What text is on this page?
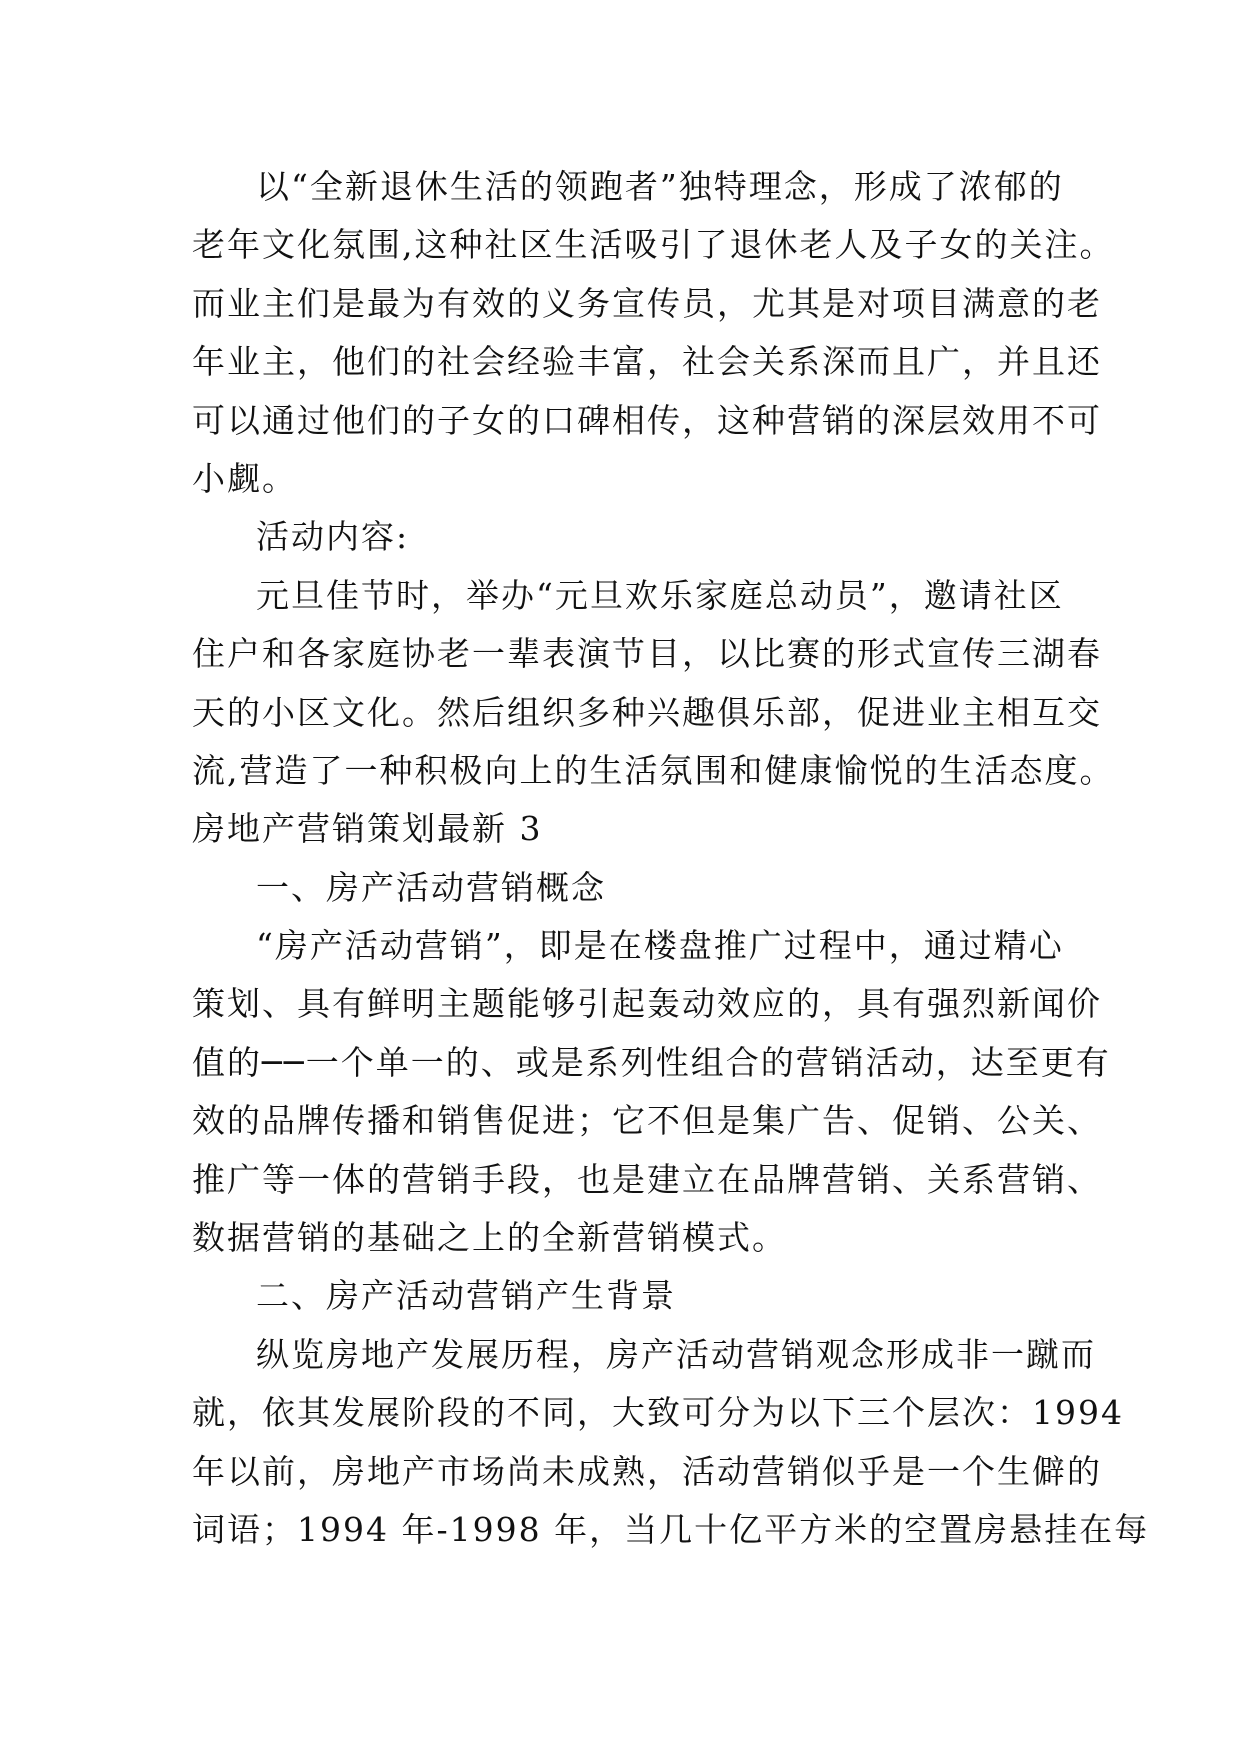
以“全新退休生活的领跑者”独特理念，形成了浓郁的
老年文化氛围,这种社区生活吸引了退休老人及子女的关注。
而业主们是最为有效的义务宣传员，尤其是对项目满意的老
年业主，他们的社会经验丰富，社会关系深而且广，并且还
可以通过他们的子女的口碑相传，这种营销的深层效用不可
小觑。
活动内容:
元旦佳节时，举办“元旦欢乐家庭总动员”，邀请社区
住户和各家庭协老一辈表演节目，以比赛的形式宣传三湖春
天的小区文化。然后组织多种兴趣俱乐部，促进业主相互交
流,营造了一种积极向上的生活氛围和健康愉悦的生活态度。
房地产营销策划最新 3
一、房产活动营销概念
“房产活动营销”，即是在楼盘推广过程中，通过精心
策划、具有鲜明主题能够引起轰动效应的，具有强烈新闻价
值的──一个单一的、或是系列性组合的营销活动，达至更有
效的品牌传播和销售促进；它不但是集广告、促销、公关、
推广等一体的营销手段，也是建立在品牌营销、关系营销、
数据营销的基础之上的全新营销模式。
二、房产活动营销产生背景
纵览房地产发展历程，房产活动营销观念形成非一蹴而
就，依其发展阶段的不同，大致可分为以下三个层次：1994
年以前，房地产市场尚未成熟，活动营销似乎是一个生僻的
词语；1994 年-1998 年，当几十亿平方米的空置房悬挂在每
